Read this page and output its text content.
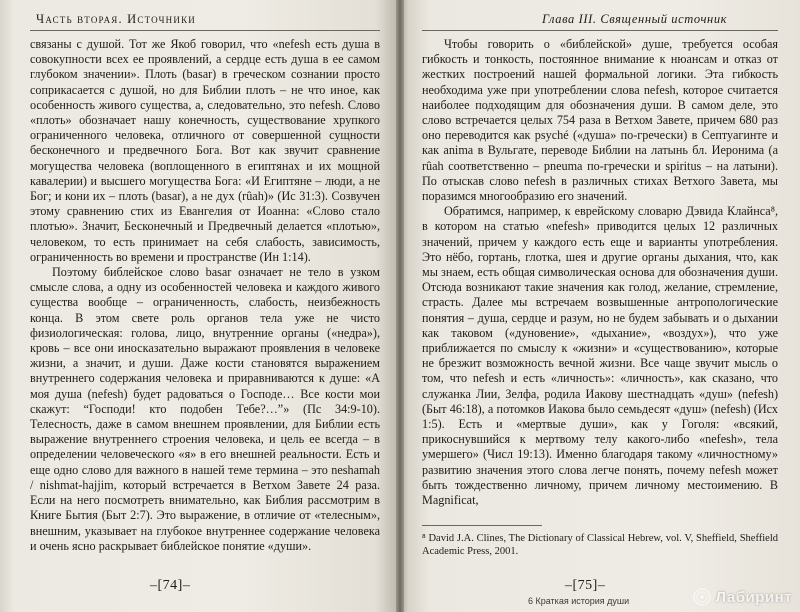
Часть вторая. Источники

связаны с душой. Тот же Якоб говорил, что «nefesh есть душа в совокупности всех ее проявлений, а сердце есть душа в ее самом глубоком значении». Плоть (basar) в греческом сознании просто соприкасается с душой, но для Библии плоть – не что иное, как особенность живого существа, а, следовательно, это nefesh. Слово «плоть» обозначает нашу конечность, существование хрупкого ограниченного человека, отличного от совершенной сущности бесконечного и предвечного Бога. Вот как звучит сравнение могущества человека (воплощенного в египтянах и их мощной кавалерии) и высшего могущества Бога: «И Египтяне – люди, а не Бог; и кони их – плоть (basar), а не дух (rûah)» (Ис 31:3). Созвучен этому сравнению стих из Евангелия от Иоанна: «Слово стало плотью». Значит, Бесконечный и Предвечный делается «плотью», человеком, то есть принимает на себя слабость, зависимость, ограниченность во времени и пространстве (Ин 1:14).

Поэтому библейское слово basar означает не тело в узком смысле слова, а одну из особенностей человека и каждого живого существа вообще – ограниченность, слабость, неизбежность конца. В этом свете роль органов тела уже не чисто физиологическая: голова, лицо, внутренние органы («недра»), кровь – все они иносказательно выражают проявления в человеке жизни, а значит, и души. Даже кости становятся выражением внутреннего содержания человека и приравниваются к душе: «А моя душа (nefesh) будет радоваться о Господе… Все кости мои скажут: “Господи! кто подобен Тебе?…”» (Пс 34:9-10). Телесность, даже в самом внешнем проявлении, для Библии есть выражение внутреннего строения человека, и цель ее всегда – в определении человеческого «я» в его внешней реальности. Есть и еще одно слово для важного в нашей теме термина – это neshamah / nishmat-hajjim, который встречается в Ветхом Завете 24 раза. Если на него посмотреть внимательно, как Библия рассмотрим в Книге Бытия (Быт 2:7). Это выражение, в отличие от «телесным», внешним, указывает на глубокое внутреннее содержание человека и очень ясно раскрывает библейское понятие «души».

–[74]–
Глава III. Священный источник

Чтобы говорить о «библейской» душе, требуется особая гибкость и тонкость, постоянное внимание к нюансам и отказ от жестких построений нашей формальной логики. Эта гибкость необходима уже при употреблении слова nefesh, которое считается наиболее подходящим для обозначения души. В самом деле, это слово встречается целых 754 раза в Ветхом Завете, причем 680 раз оно переводится как psyché («душа» по-гречески) в Септуагинте и как anima в Вульгате, переводе Библии на латынь бл. Иеронима (а rûah соответственно – pneuma по-гречески и spiritus – на латыни). По отыскав слово nefesh в различных стихах Ветхого Завета, мы поразимся многообразию его значений.

Обратимся, например, к еврейскому словарю Дэвида Клайнса⁸, в котором на статью «nefesh» приводится целых 12 различных значений, причем у каждого есть еще и варианты употребления. Это нёбо, гортань, глотка, шея и другие органы дыхания, что, как мы знаем, есть общая символическая основа для обозначения души. Отсюда возникают такие значения как голод, желание, стремление, страсть. Далее мы встречаем возвышенные антропологические понятия – душа, сердце и разум, но не будем забывать и о дыхании как таковом («дуновение», «дыхание», «воздух»), что уже приближается по смыслу к «жизни» и «существованию», которые не брезжит возможность вечной жизни. Все чаще звучит мысль о том, что nefesh и есть «личность»: «личность», как сказано, что служанка Лии, Зелфа, родила Иакову шестнадцать «душ» (nefesh) (Быт 46:18), а потомков Иакова было семьдесят «душ» (nefesh) (Исх 1:5). Есть и «мертвые души», как у Гоголя: «всякий, прикоснувшийся к мертвому телу какого-либо «nefesh», тела умершего» (Числ 19:13). Именно благодаря такому «личностному» развитию значения этого слова легче понять, почему nefesh может быть тождественно личному, причем личному местоимению. В Magnificat,

⁸ David J.A. Clines, The Dictionary of Classical Hebrew, vol. V, Sheffield, Sheffield Academic Press, 2001.
–[75]–
6 Краткая история души	Лабиринт
